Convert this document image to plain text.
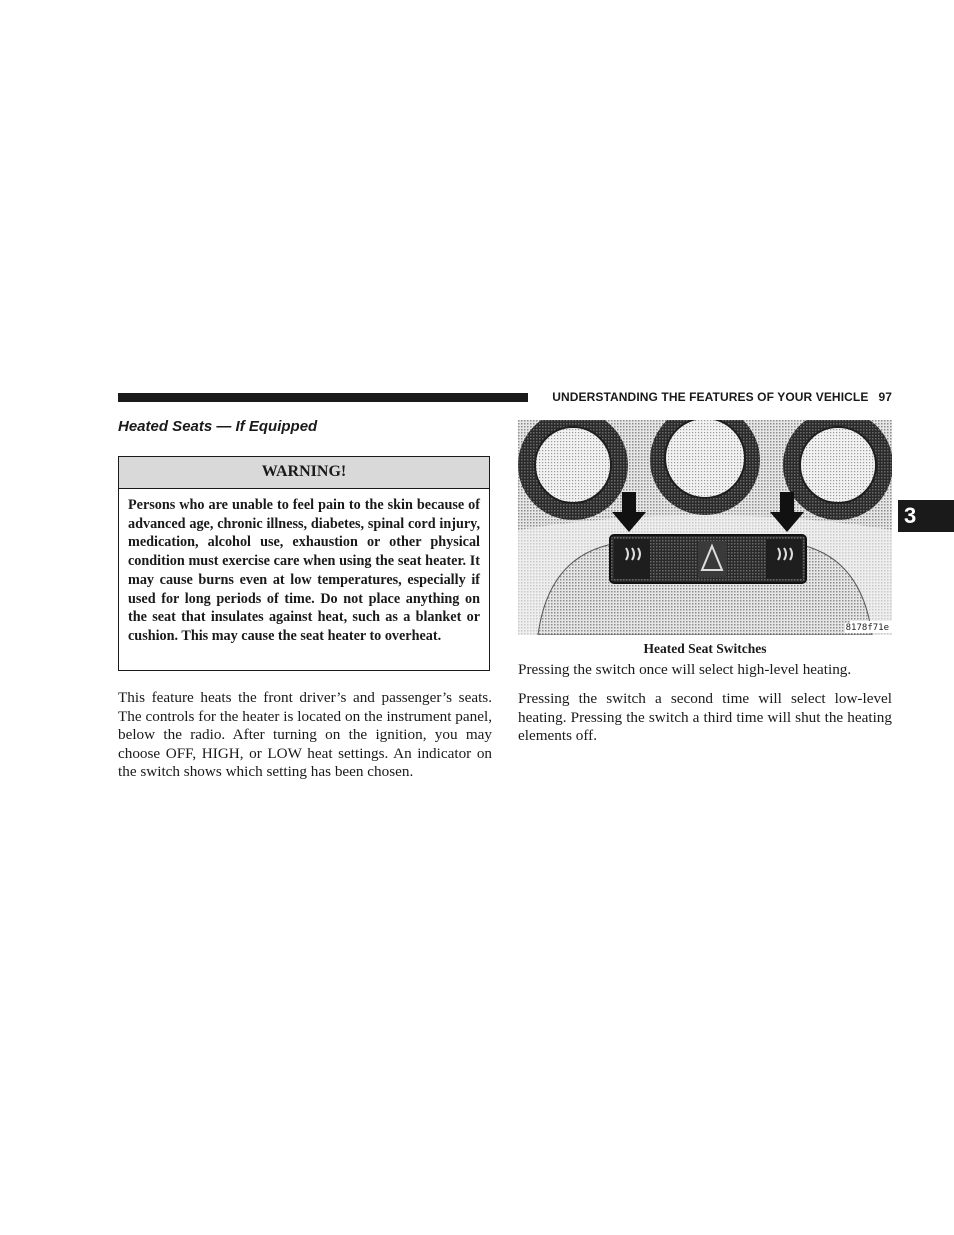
UNDERSTANDING THE FEATURES OF YOUR VEHICLE 97
3
Heated Seats — If Equipped
WARNING!
Persons who are unable to feel pain to the skin because of advanced age, chronic illness, diabetes, spinal cord injury, medication, alcohol use, exhaustion or other physical condition must exercise care when using the seat heater. It may cause burns even at low temperatures, especially if used for long periods of time. Do not place anything on the seat that insulates against heat, such as a blanket or cushion. This may cause the seat heater to overheat.
This feature heats the front driver’s and passenger’s seats. The controls for the heater is located on the instrument panel, below the radio. After turning on the ignition, you may choose OFF, HIGH, or LOW heat settings. An indicator on the switch shows which setting has been chosen.
8178f71e
Heated Seat Switches
Pressing the switch once will select high-level heating.
Pressing the switch a second time will select low-level heating. Pressing the switch a third time will shut the heating elements off.
